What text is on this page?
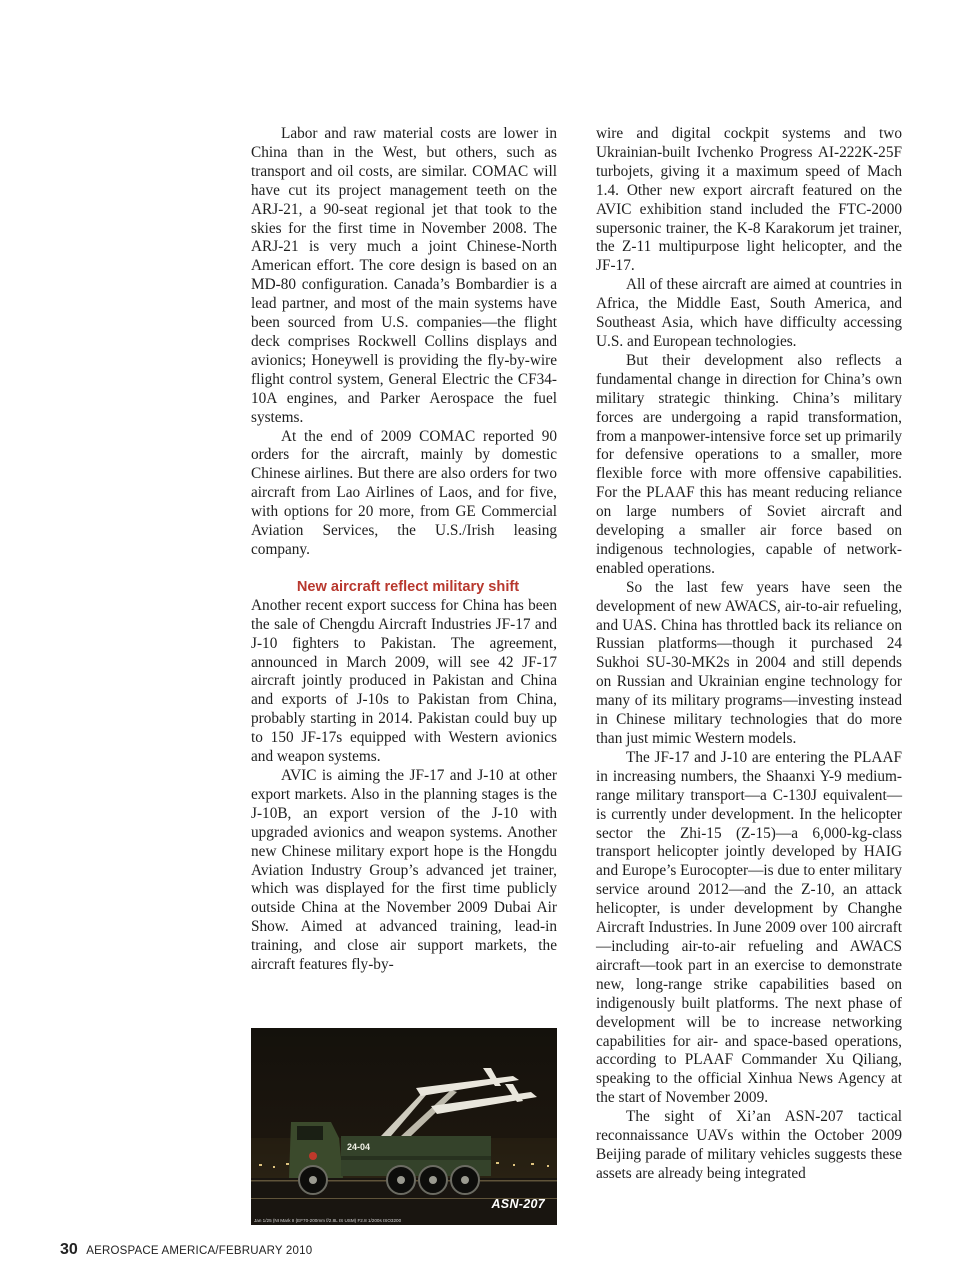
Labor and raw material costs are lower in China than in the West, but others, such as transport and oil costs, are similar. COMAC will have cut its project management teeth on the ARJ-21, a 90-seat regional jet that took to the skies for the first time in November 2008. The ARJ-21 is very much a joint Chinese-North American effort. The core design is based on an MD-80 configuration. Canada’s Bombardier is a lead partner, and most of the main systems have been sourced from U.S. companies—the flight deck comprises Rockwell Collins displays and avionics; Honeywell is providing the fly-by-wire flight control system, General Electric the CF34-10A engines, and Parker Aerospace the fuel systems.

At the end of 2009 COMAC reported 90 orders for the aircraft, mainly by domestic Chinese airlines. But there are also orders for two aircraft from Lao Airlines of Laos, and for five, with options for 20 more, from GE Commercial Aviation Services, the U.S./Irish leasing company.

New aircraft reflect military shift

Another recent export success for China has been the sale of Chengdu Aircraft Industries JF-17 and J-10 fighters to Pakistan. The agreement, announced in March 2009, will see 42 JF-17 aircraft jointly produced in Pakistan and China and exports of J-10s to Pakistan from China, probably starting in 2014. Pakistan could buy up to 150 JF-17s equipped with Western avionics and weapon systems.

AVIC is aiming the JF-17 and J-10 at other export markets. Also in the planning stages is the J-10B, an export version of the J-10 with upgraded avionics and weapon systems. Another new Chinese military export hope is the Hongdu Aviation Industry Group’s advanced jet trainer, which was displayed for the first time publicly outside China at the November 2009 Dubai Air Show. Aimed at advanced training, lead-in training, and close air support markets, the aircraft features fly-by-

24-04
ASN-207
Jan 1/25 (NI Mark II (EF70-200mm f/2.8L IS USM) F2.8 1/200s ISO3200

wire and digital cockpit systems and two Ukrainian-built Ivchenko Progress AI-222K-25F turbojets, giving it a maximum speed of Mach 1.4. Other new export aircraft featured on the AVIC exhibition stand included the FTC-2000 supersonic trainer, the K-8 Karakorum jet trainer, the Z-11 multipurpose light helicopter, and the JF-17.

All of these aircraft are aimed at countries in Africa, the Middle East, South America, and Southeast Asia, which have difficulty accessing U.S. and European technologies.

But their development also reflects a fundamental change in direction for China’s own military strategic thinking. China’s military forces are undergoing a rapid transformation, from a manpower-intensive force set up primarily for defensive operations to a smaller, more flexible force with more offensive capabilities. For the PLAAF this has meant reducing reliance on large numbers of Soviet aircraft and developing a smaller air force based on indigenous technologies, capable of network-enabled operations.

So the last few years have seen the development of new AWACS, air-to-air refueling, and UAS. China has throttled back its reliance on Russian platforms—though it purchased 24 Sukhoi SU-30-MK2s in 2004 and still depends on Russian and Ukrainian engine technology for many of its military programs—investing instead in Chinese military technologies that do more than just mimic Western models.

The JF-17 and J-10 are entering the PLAAF in increasing numbers, the Shaanxi Y-9 medium-range military transport—a C-130J equivalent—is currently under development. In the helicopter sector the Zhi-15 (Z-15)—a 6,000-kg-class transport helicopter jointly developed by HAIG and Europe’s Eurocopter—is due to enter military service around 2012—and the Z-10, an attack helicopter, is under development by Changhe Aircraft Industries. In June 2009 over 100 aircraft—including air-to-air refueling and AWACS aircraft—took part in an exercise to demonstrate new, long-range strike capabilities based on indigenously built platforms. The next phase of development will be to increase networking capabilities for air- and space-based operations, according to PLAAF Commander Xu Qiliang, speaking to the official Xinhua News Agency at the start of November 2009.

The sight of Xi’an ASN-207 tactical reconnaissance UAVs within the October 2009 Beijing parade of military vehicles suggests these assets are already being integrated

30 AEROSPACE AMERICA/FEBRUARY 2010
